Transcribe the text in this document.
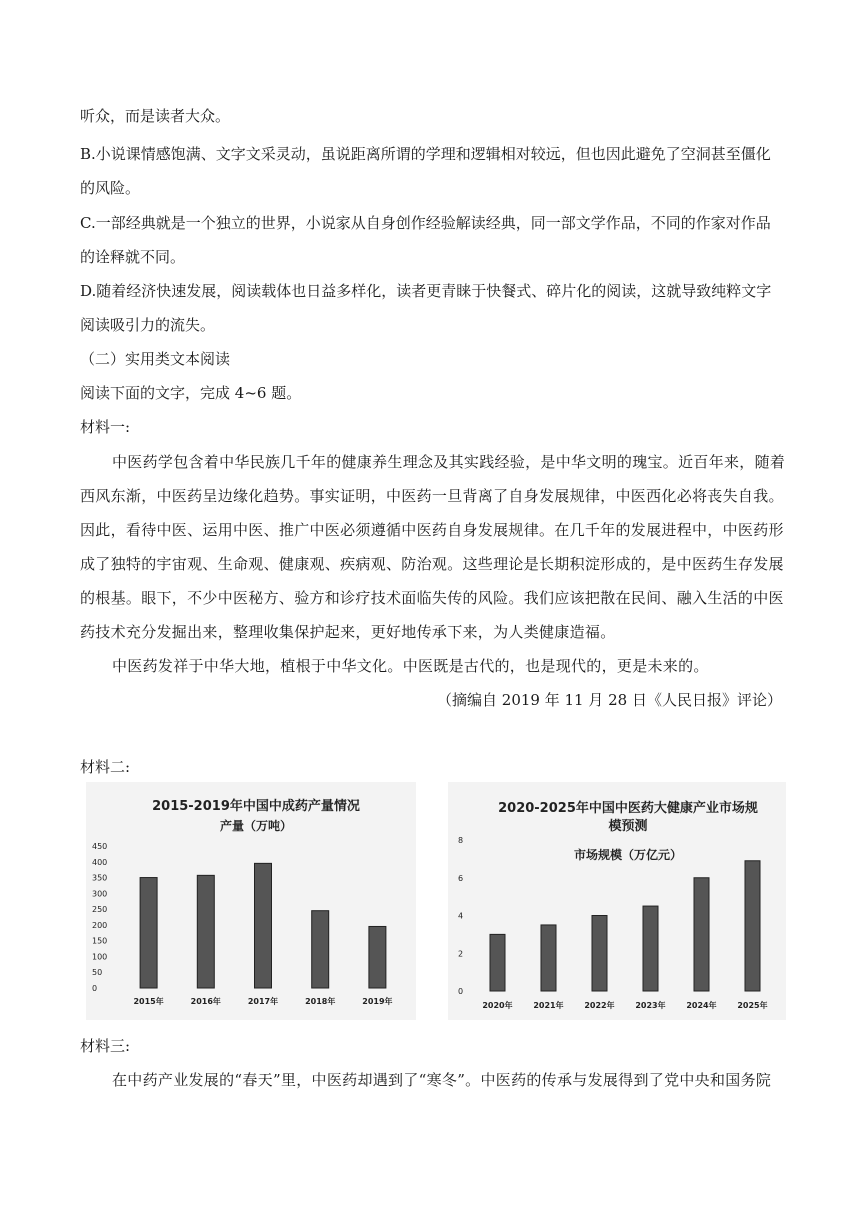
听众，而是读者大众。
B.小说课情感饱满、文字文采灵动，虽说距离所谓的学理和逻辑相对较远，但也因此避免了空洞甚至僵化
的风险。
C.一部经典就是一个独立的世界，小说家从自身创作经验解读经典，同一部文学作品，不同的作家对作品
的诠释就不同。
D.随着经济快速发展，阅读载体也日益多样化，读者更青睐于快餐式、碎片化的阅读，这就导致纯粹文字
阅读吸引力的流失。
（二）实用类文本阅读
阅读下面的文字，完成 4~6 题。
材料一:
中医药学包含着中华民族几千年的健康养生理念及其实践经验，是中华文明的瑰宝。近百年来，随着
西风东渐，中医药呈边缘化趋势。事实证明，中医药一旦背离了自身发展规律，中医西化必将丧失自我。
因此，看待中医、运用中医、推广中医必须遵循中医药自身发展规律。在几千年的发展进程中，中医药形
成了独特的宇宙观、生命观、健康观、疾病观、防治观。这些理论是长期积淀形成的，是中医药生存发展
的根基。眼下，不少中医秘方、验方和诊疗技术面临失传的风险。我们应该把散在民间、融入生活的中医
药技术充分发掘出来，整理收集保护起来，更好地传承下来，为人类健康造福。
中医药发祥于中华大地，植根于中华文化。中医既是古代的，也是现代的，更是未来的。
（摘编自 2019 年 11 月 28 日《人民日报》评论）
材料二:
2015-2019年中国中成药产量情况
产量（万吨）
0
50
100
150
200
250
300
350
400
450
2015年	2016年	2017年	2018年	2019年
2020-2025年中国中医药大健康产业市场规
模预测
市场规模（万亿元）
0
2
4
6
8
2020年	2021年	2022年	2023年	2024年	2025年
材料三:
在中药产业发展的“春天”里，中医药却遇到了“寒冬”。中医药的传承与发展得到了党中央和国务院
